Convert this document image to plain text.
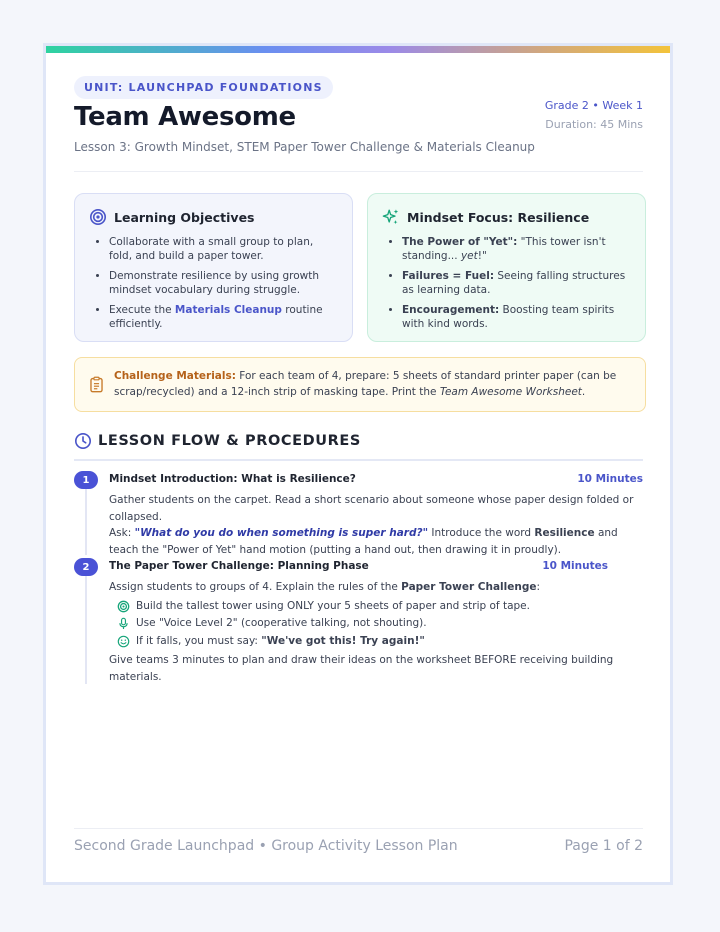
UNIT: LAUNCHPAD FOUNDATIONS
Team Awesome
Lesson 3: Growth Mindset, STEM Paper Tower Challenge & Materials Cleanup
Grade 2 • Week 1
Duration: 45 Mins
Learning Objectives
• Collaborate with a small group to plan, fold, and build a paper tower.
• Demonstrate resilience by using growth mindset vocabulary during struggle.
• Execute the Materials Cleanup routine efficiently.
Mindset Focus: Resilience
• The Power of "Yet": "This tower isn't standing... yet!"
• Failures = Fuel: Seeing falling structures as learning data.
• Encouragement: Boosting team spirits with kind words.
Challenge Materials: For each team of 4, prepare: 5 sheets of standard printer paper (can be scrap/recycled) and a 12-inch strip of masking tape. Print the Team Awesome Worksheet.
LESSON FLOW & PROCEDURES
1	Mindset Introduction: What is Resilience?	10 Minutes
Gather students on the carpet. Read a short scenario about someone whose paper design folded or collapsed.
Ask: "What do you do when something is super hard?" Introduce the word Resilience and teach the "Power of Yet" hand motion (putting a hand out, then drawing it in proudly).
2	The Paper Tower Challenge: Planning Phase	10 Minutes
Assign students to groups of 4. Explain the rules of the Paper Tower Challenge:
Build the tallest tower using ONLY your 5 sheets of paper and strip of tape.
Use "Voice Level 2" (cooperative talking, not shouting).
If it falls, you must say: "We've got this! Try again!"
Give teams 3 minutes to plan and draw their ideas on the worksheet BEFORE receiving building materials.
Second Grade Launchpad • Group Activity Lesson Plan	Page 1 of 2
